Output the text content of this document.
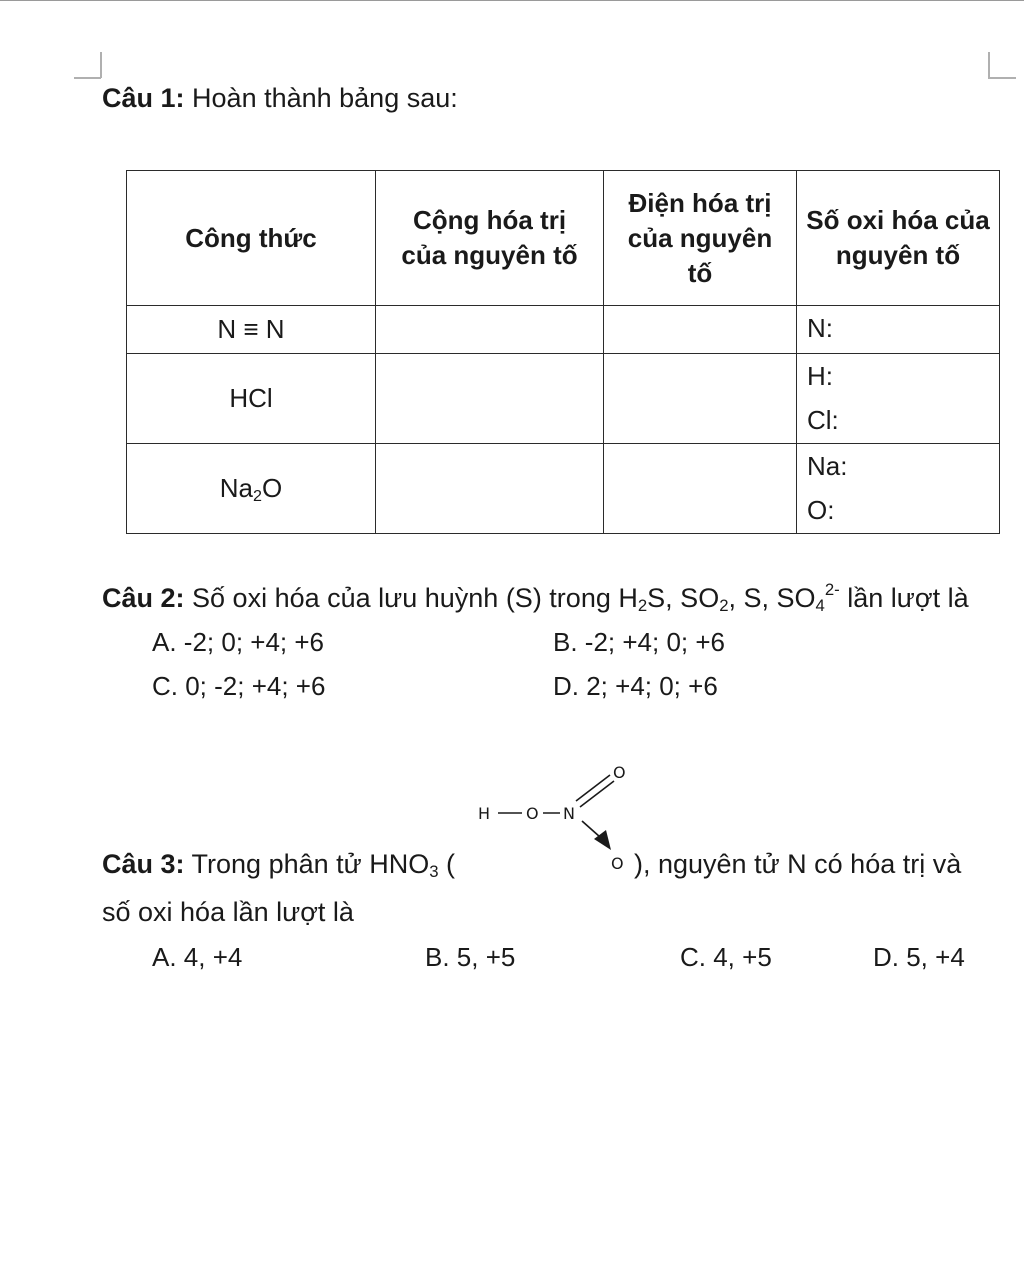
Câu 1: Hoàn thành bảng sau:
Công thức	Cộng hóa trị của nguyên tố	Điện hóa trị của nguyên tố	Số oxi hóa của nguyên tố
N ≡ N			N:

HCl			H:
Cl:

$Na_2O$			Na:
O:
Câu 2: Số oxi hóa của lưu huỳnh (S) trong $H_2S$, $SO_2$, S, $SO_4^{2-}$ lần lượt là
A. -2; 0; +4; +6	B. -2; +4; 0; +6
C. 0; -2; +4; +6	D. 2; +4; 0; +6
H O N
O
O
Câu 3: Trong phân tử $HNO_3$ (	), nguyên tử N có hóa trị và
số oxi hóa lần lượt là
A. 4, +4	B. 5, +5	C. 4, +5	D. 5, +4
